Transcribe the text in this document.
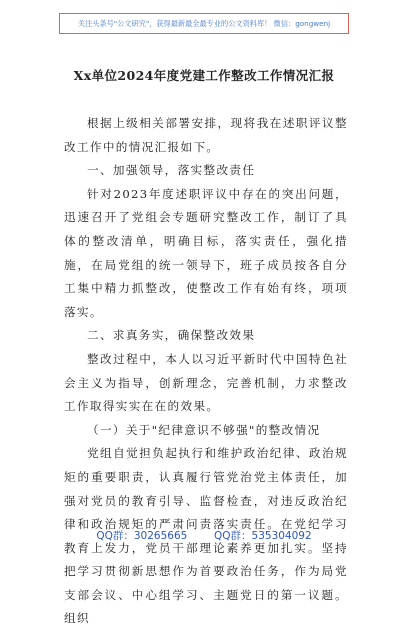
关注头条号"公文研究"，获得最新最全最专业的公文资料库！ 微信：gongwenj
Xx单位2024年度党建工作整改工作情况汇报

根据上级相关部署安排，现将我在述职评议整改工作中的情况汇报如下。

一、加强领导，落实整改责任

针对2023年度述职评议中存在的突出问题，迅速召开了党组会专题研究整改工作，制订了具体的整改清单，明确目标，落实责任，强化措施，在局党组的统一领导下，班子成员按各自分工集中精力抓整改，使整改工作有始有终，项项落实。

二、求真务实，确保整改效果

整改过程中，本人以习近平新时代中国特色社会主义为指导，创新理念，完善机制，力求整改工作取得实实在在的效果。

（一）关于"纪律意识不够强"的整改情况

党组自觉担负起执行和维护政治纪律、政治规矩的重要职责，认真履行管党治党主体责任，加强对党员的教育引导、监督检查，对违反政治纪律和政治规矩的严肃问责落实责任。在党纪学习教育上发力，党员干部理论素养更加扎实。坚持把学习贯彻新思想作为首要政治任务，作为局党支部会议、中心组学习、主题党日的第一议题。组织

QQ群：30265665        QQ群：535304092
